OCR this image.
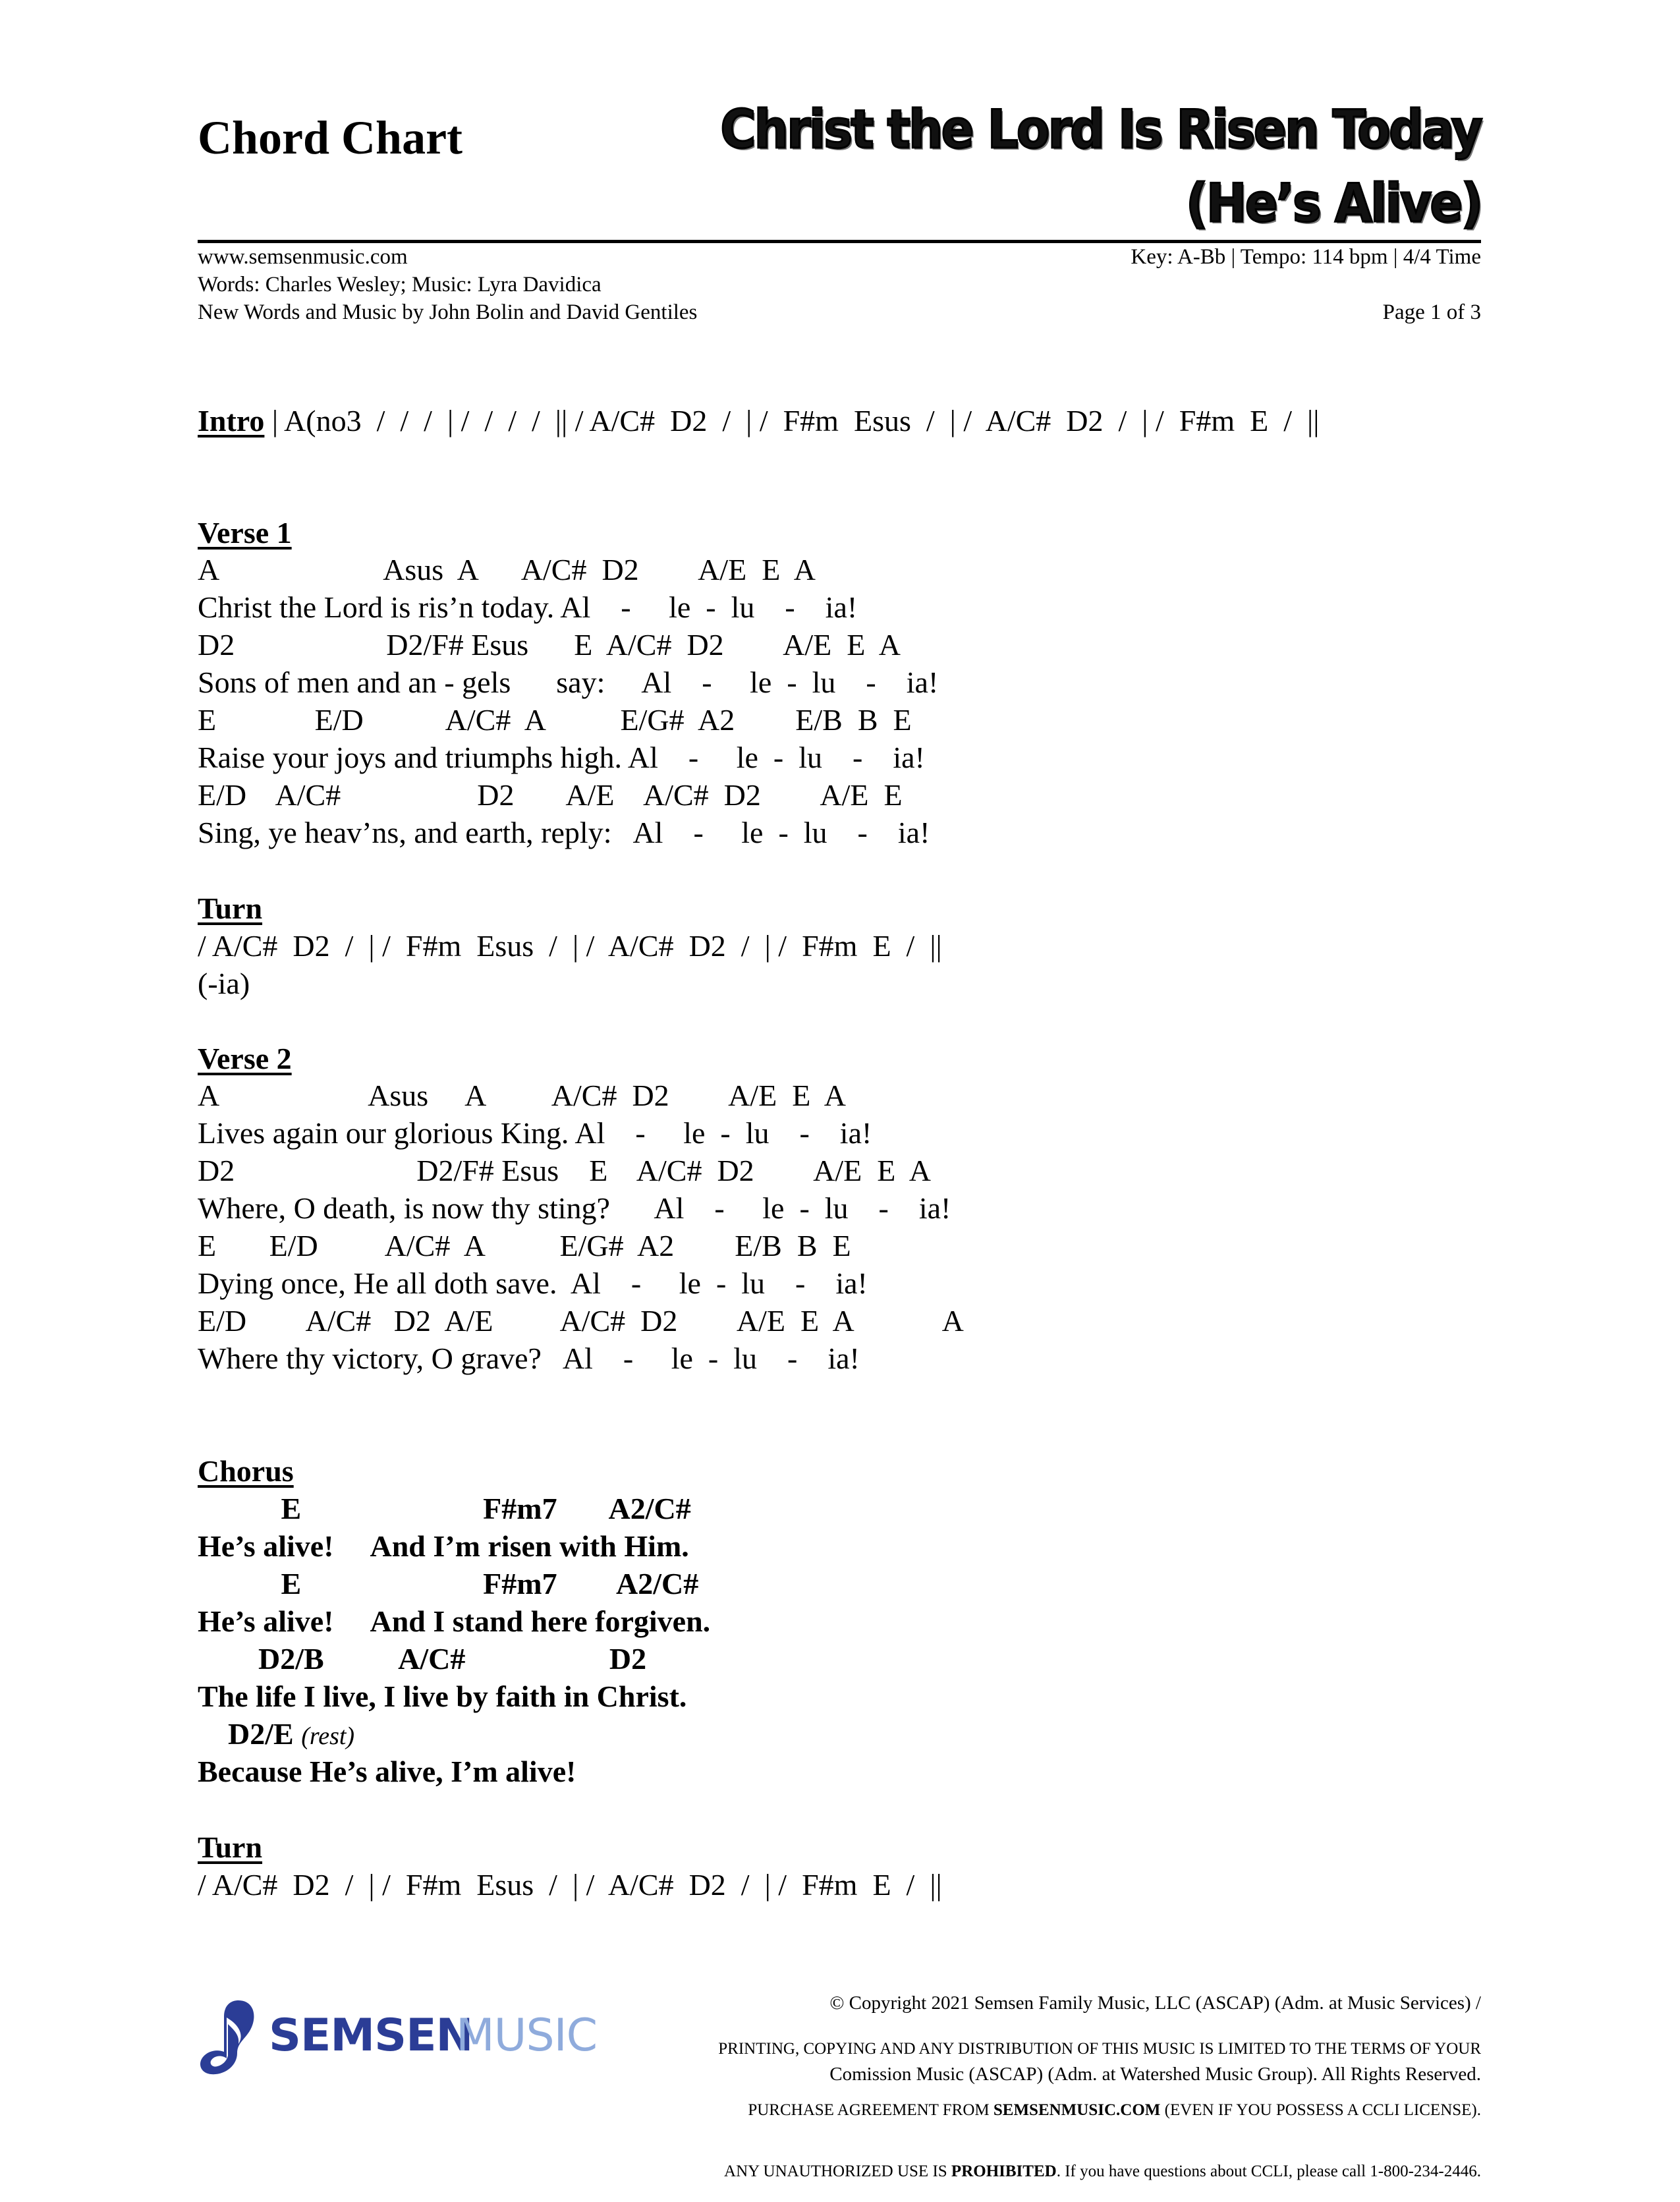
Chord Chart	Christ the Lord Is Risen Today
(He’s Alive)
www.semsenmusic.com	Key: A-Bb | Tempo: 114 bpm | 4/4 Time
Words: Charles Wesley; Music: Lyra Davidica
New Words and Music by John Bolin and David Gentiles	Page 1 of 3
Intro | A(no3  /  /  /  | /  /  /  /  || / A/C#  D2  /  | /  F#m  Esus  /  | /  A/C#  D2  /  | /  F#m  E  /  ||
Verse 1
A                      Asus  A      A/C#  D2        A/E  E  A
Christ the Lord is ris’n today. Al    -     le  -  lu    -    ia!
D2                    D2/F# Esus      E  A/C#  D2        A/E  E  A
Sons of men and an - gels      say:     Al    -     le  -  lu    -    ia!
E             E/D           A/C#  A          E/G#  A2        E/B  B  E
Raise your joys and triumphs high. Al    -     le  -  lu    -    ia!
E/D    A/C#                  D2       A/E    A/C#  D2        A/E  E
Sing, ye heav’ns, and earth, reply:   Al    -     le  -  lu    -    ia!
Turn
/ A/C#  D2  /  | /  F#m  Esus  /  | /  A/C#  D2  /  | /  F#m  E  /  ||
(-ia)
Verse 2
A                    Asus     A         A/C#  D2        A/E  E  A
Lives again our glorious King. Al    -     le  -  lu    -    ia!
D2                        D2/F# Esus    E    A/C#  D2        A/E  E  A
Where, O death, is now thy sting?      Al    -     le  -  lu    -    ia!
E       E/D         A/C#  A          E/G#  A2        E/B  B  E
Dying once, He all doth save.  Al    -     le  -  lu    -    ia!
E/D        A/C#   D2  A/E         A/C#  D2        A/E  E  A            A
Where thy victory, O grave?   Al    -     le  -  lu    -    ia!
Chorus
E                        F#m7       A2/C#
He’s alive!     And I’m risen with Him.
E                        F#m7        A2/C#
He’s alive!     And I stand here forgiven.
D2/B          A/C#                   D2
The life I live, I live by faith in Christ.
D2/E (rest)
Because He’s alive, I’m alive!
Turn
/ A/C#  D2  /  | /  F#m  Esus  /  | /  A/C#  D2  /  | /  F#m  E  /  ||

© Copyright 2021 Semsen Family Music, LLC (ASCAP) (Adm. at Music Services) /

Comission Music (ASCAP) (Adm. at Watershed Music Group). All Rights Reserved.

PRINTING, COPYING AND ANY DISTRIBUTION OF THIS MUSIC IS LIMITED TO THE TERMS OF YOUR

PURCHASE AGREEMENT FROM SEMSENMUSIC.COM (EVEN IF YOU POSSESS A CCLI LICENSE).

ANY UNAUTHORIZED USE IS PROHIBITED. If you have questions about CCLI, please call 1-800-234-2446.

SEMSEN

MUSIC
